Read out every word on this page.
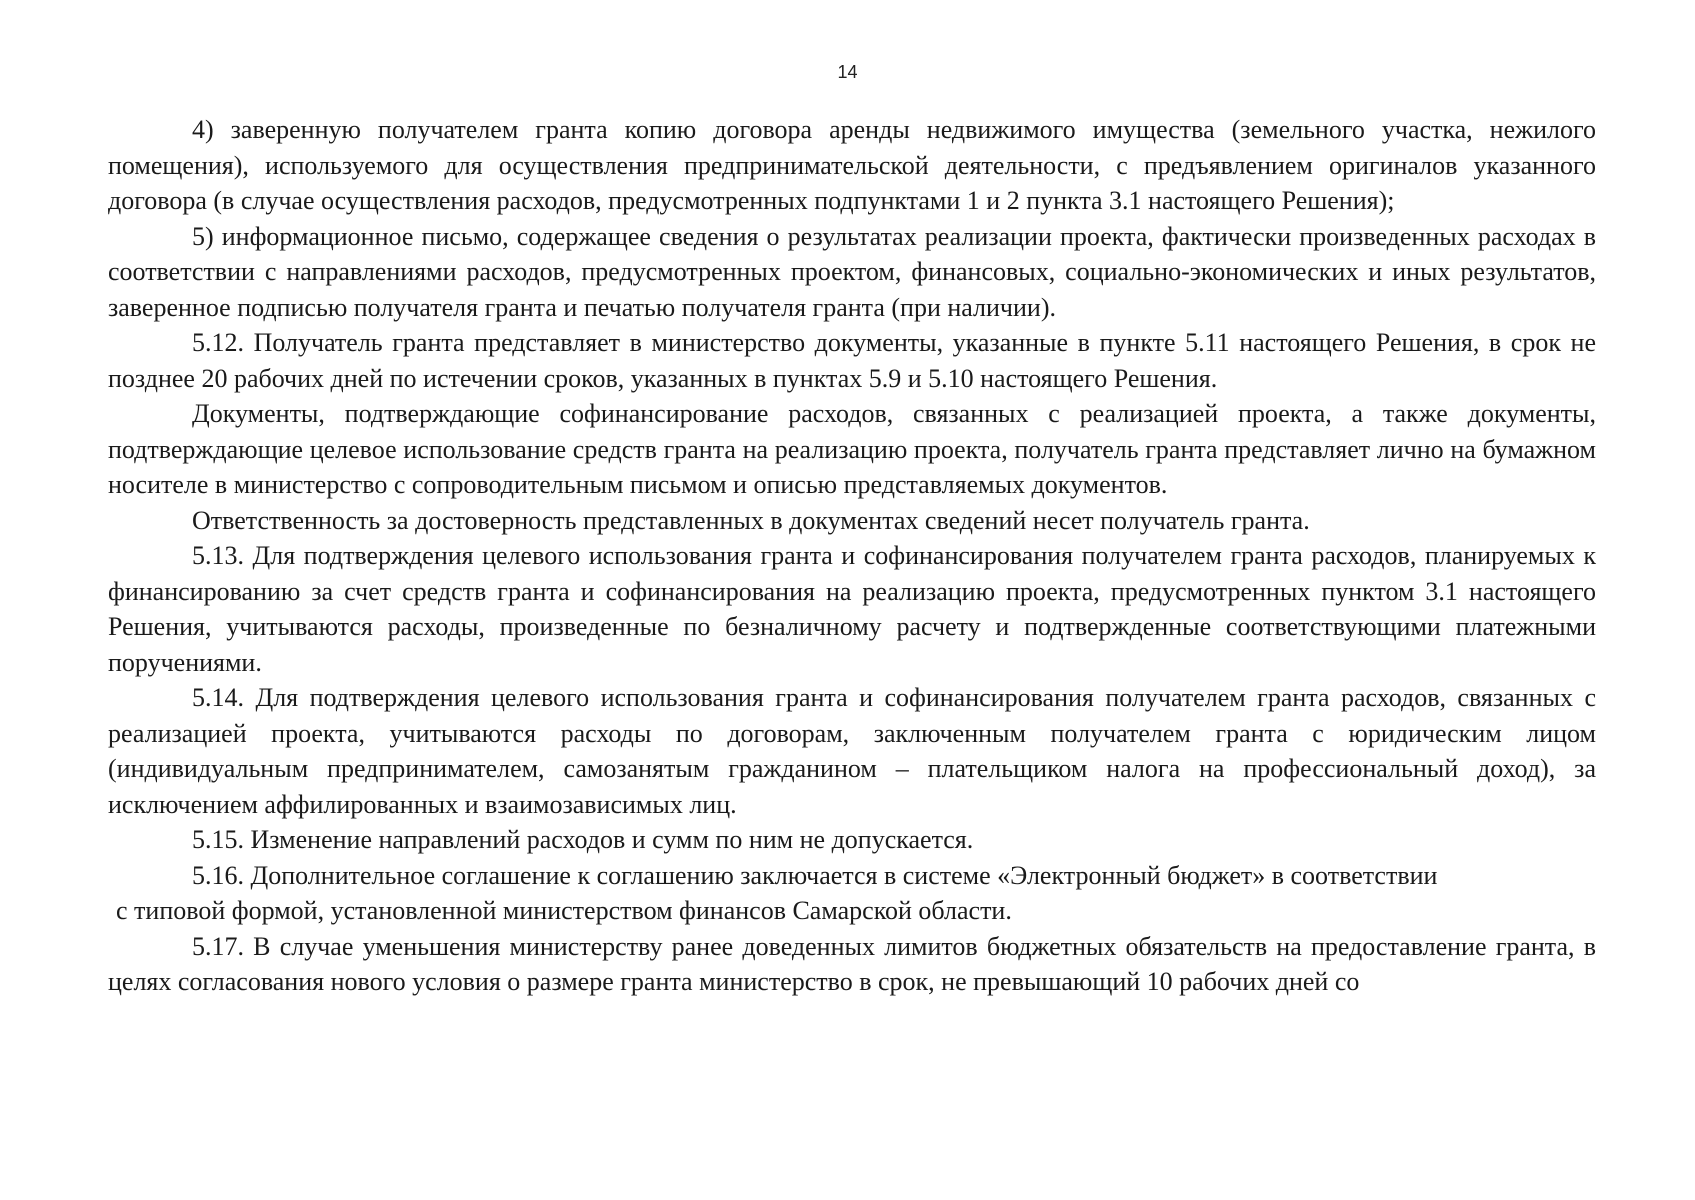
14

4) заверенную получателем гранта копию договора аренды недвижимого имущества (земельного участка, нежилого помещения), используемого для осуществления предпринимательской деятельности, с предъявлением оригиналов указанного договора (в случае осуществления расходов, предусмотренных подпунктами 1 и 2 пункта 3.1 настоящего Решения);

5) информационное письмо, содержащее сведения о результатах реализации проекта, фактически произведенных расходах в соответствии с направлениями расходов, предусмотренных проектом, финансовых, социально-экономических и иных результатов, заверенное подписью получателя гранта и печатью получателя гранта (при наличии).

5.12. Получатель гранта представляет в министерство документы, указанные в пункте 5.11 настоящего Решения, в срок не позднее 20 рабочих дней по истечении сроков, указанных в пунктах 5.9 и 5.10 настоящего Решения.

Документы, подтверждающие софинансирование расходов, связанных с реализацией проекта, а также документы, подтверждающие целевое использование средств гранта на реализацию проекта, получатель гранта представляет лично на бумажном носителе в министерство с сопроводительным письмом и описью представляемых документов.

Ответственность за достоверность представленных в документах сведений несет получатель гранта.

5.13. Для подтверждения целевого использования гранта и софинансирования получателем гранта расходов, планируемых к финансированию за счет средств гранта и софинансирования на реализацию проекта, предусмотренных пунктом 3.1 настоящего Решения, учитываются расходы, произведенные по безналичному расчету и подтвержденные соответствующими платежными поручениями.

5.14. Для подтверждения целевого использования гранта и софинансирования получателем гранта расходов, связанных с реализацией проекта, учитываются расходы по договорам, заключенным получателем гранта с юридическим лицом (индивидуальным предпринимателем, самозанятым гражданином – плательщиком налога на профессиональный доход), за исключением аффилированных и взаимозависимых лиц.

5.15. Изменение направлений расходов и сумм по ним не допускается.

5.16. Дополнительное соглашение к соглашению заключается в системе «Электронный бюджет» в соответствии

с типовой формой, установленной министерством финансов Самарской области.

5.17. В случае уменьшения министерству ранее доведенных лимитов бюджетных обязательств на предоставление гранта, в целях согласования нового условия о размере гранта министерство в срок, не превышающий 10 рабочих дней со
